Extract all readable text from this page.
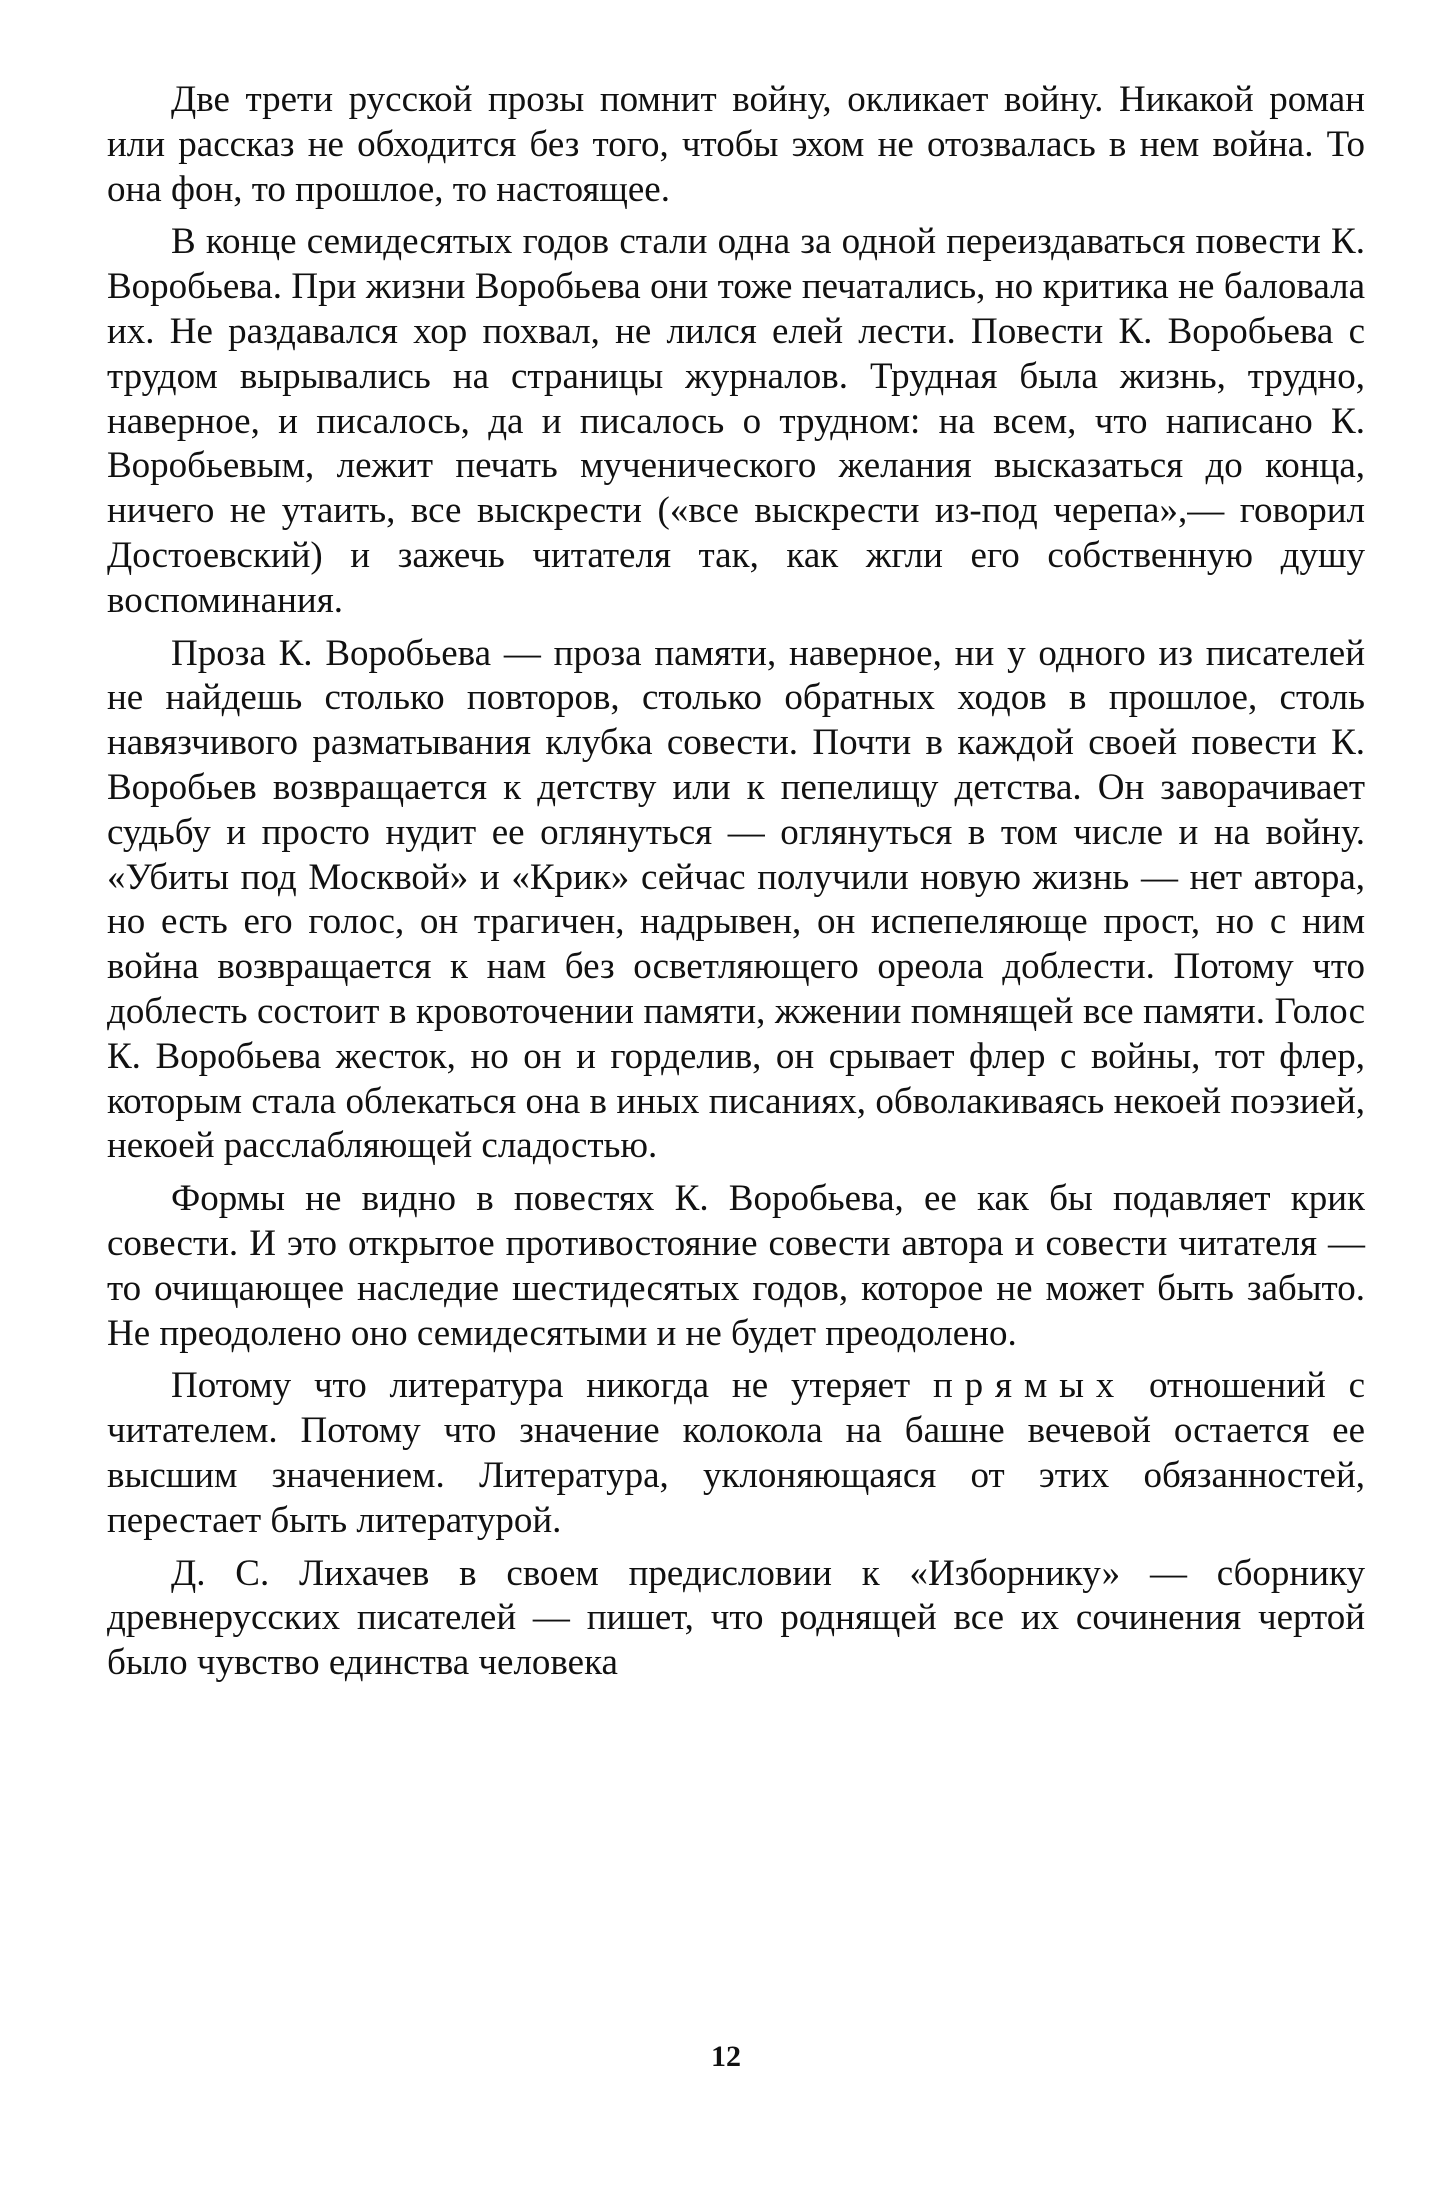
Две трети русской прозы помнит войну, окликает войну. Никакой роман или рассказ не обходится без того, чтобы эхом не отозвалась в нем война. То она фон, то прошлое, то настоящее.

В конце семидесятых годов стали одна за одной переиздаваться повести К. Воробьева. При жизни Воробьева они тоже печатались, но критика не баловала их. Не раздавался хор похвал, не лился елей лести. Повести К. Воробьева с трудом вырывались на страницы журналов. Трудная была жизнь, трудно, наверное, и писалось, да и писалось о трудном: на всем, что написано К. Воробьевым, лежит печать мученического желания высказаться до конца, ничего не утаить, все выскрести («все выскрести из-под черепа»,— говорил Достоевский) и зажечь читателя так, как жгли его собственную душу воспоминания.

Проза К. Воробьева — проза памяти, наверное, ни у одного из писателей не найдешь столько повторов, столько обратных ходов в прошлое, столь навязчивого разматывания клубка совести. Почти в каждой своей повести К. Воробьев возвращается к детству или к пепелищу детства. Он заворачивает судьбу и просто нудит ее оглянуться — оглянуться в том числе и на войну. «Убиты под Москвой» и «Крик» сейчас получили новую жизнь — нет автора, но есть его голос, он трагичен, надрывен, он испепеляюще прост, но с ним война возвращается к нам без осветляющего ореола доблести. Потому что доблесть состоит в кровоточении памяти, жжении помнящей все памяти. Голос К. Воробьева жесток, но он и горделив, он срывает флер с войны, тот флер, которым стала облекаться она в иных писаниях, обволакиваясь некоей поэзией, некоей расслабляющей сладостью.

Формы не видно в повестях К. Воробьева, ее как бы подавляет крик совести. И это открытое противостояние совести автора и совести читателя — то очищающее наследие шестидесятых годов, которое не может быть забыто. Не преодолено оно семидесятыми и не будет преодолено.

Потому что литература никогда не утеряет прямых отношений с читателем. Потому что значение колокола на башне вечевой остается ее высшим значением. Литература, уклоняющаяся от этих обязанностей, перестает быть литературой.

Д. С. Лихачев в своем предисловии к «Изборнику» — сборнику древнерусских писателей — пишет, что роднящей все их сочинения чертой было чувство единства человека

12
